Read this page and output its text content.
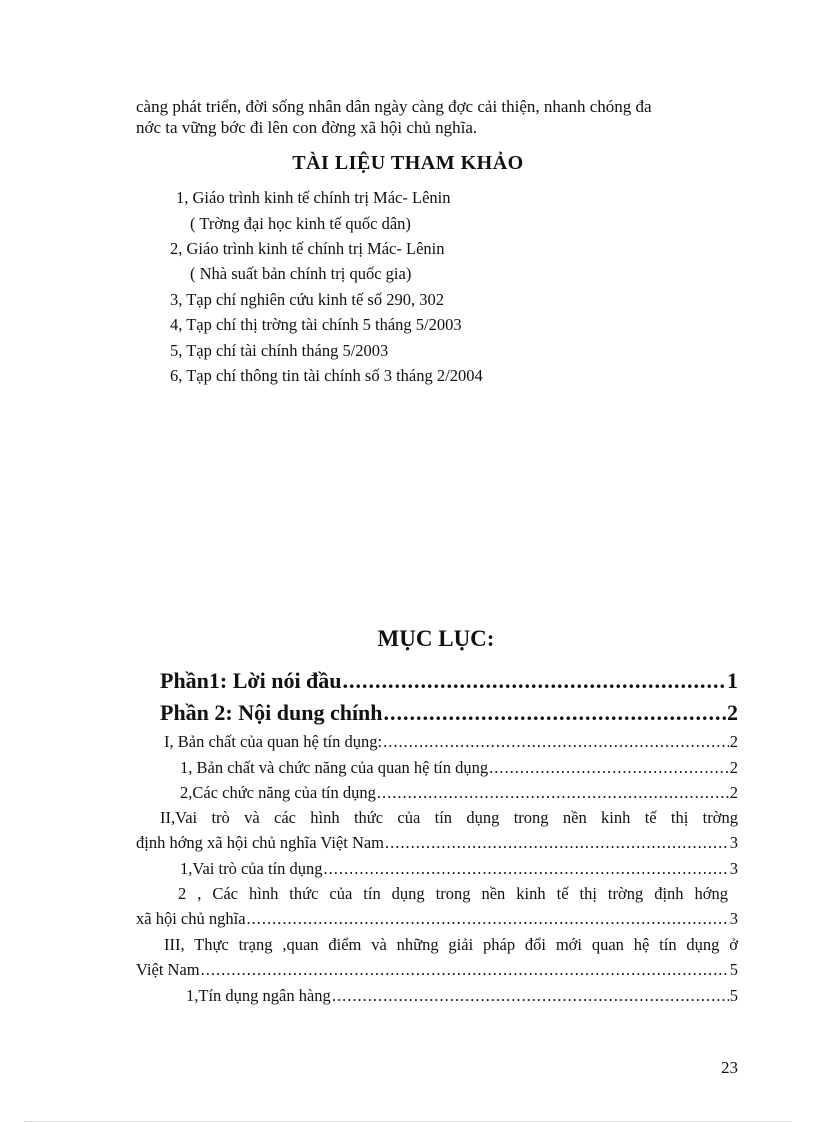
càng phát triển, đời sống nhân dân ngày càng đợc cải thiện, nhanh chóng đa
nớc ta vững bớc đi lên con đờng xã hội chủ nghĩa.
TÀI LIỆU THAM KHẢO
1, Giáo trình kinh tế chính trị Mác- Lênin
( Trờng đại học kinh tế quốc dân)
2, Giáo trình kinh tế chính trị Mác- Lênin
( Nhà suất bản chính trị quốc gia)
3, Tạp chí nghiên cứu kinh tế số 290, 302
4, Tạp chí thị trờng tài chính 5 tháng 5/2003
5, Tạp chí tài chính tháng 5/2003
6, Tạp chí thông tin tài chính số 3 tháng 2/2004
MỤC LỤC:
Phần1: Lời nói đầu .....	1
Phần 2: Nội dung chính .....	2
I, Bản chất của quan hệ tín dụng: .....	2
1, Bản chất và chức năng của quan hệ tín dụng .....	2
2,Các chức năng của tín dụng .....	2
II,Vai trò và các hình thức của tín dụng trong nền kinh tế thị trờng
định hớng xã hội chủ nghĩa Việt Nam .....	3
1,Vai trò của tín dụng .....	3
2 , Các hình thức của tín dụng trong nền kinh tế thị trờng định hớng
xã hội chủ nghĩa .....	3
III, Thực trạng ,quan điểm và những giải pháp đổi mới quan hệ tín dụng ở
Việt Nam .....	5
1,Tín dụng ngân hàng .....	5
23
